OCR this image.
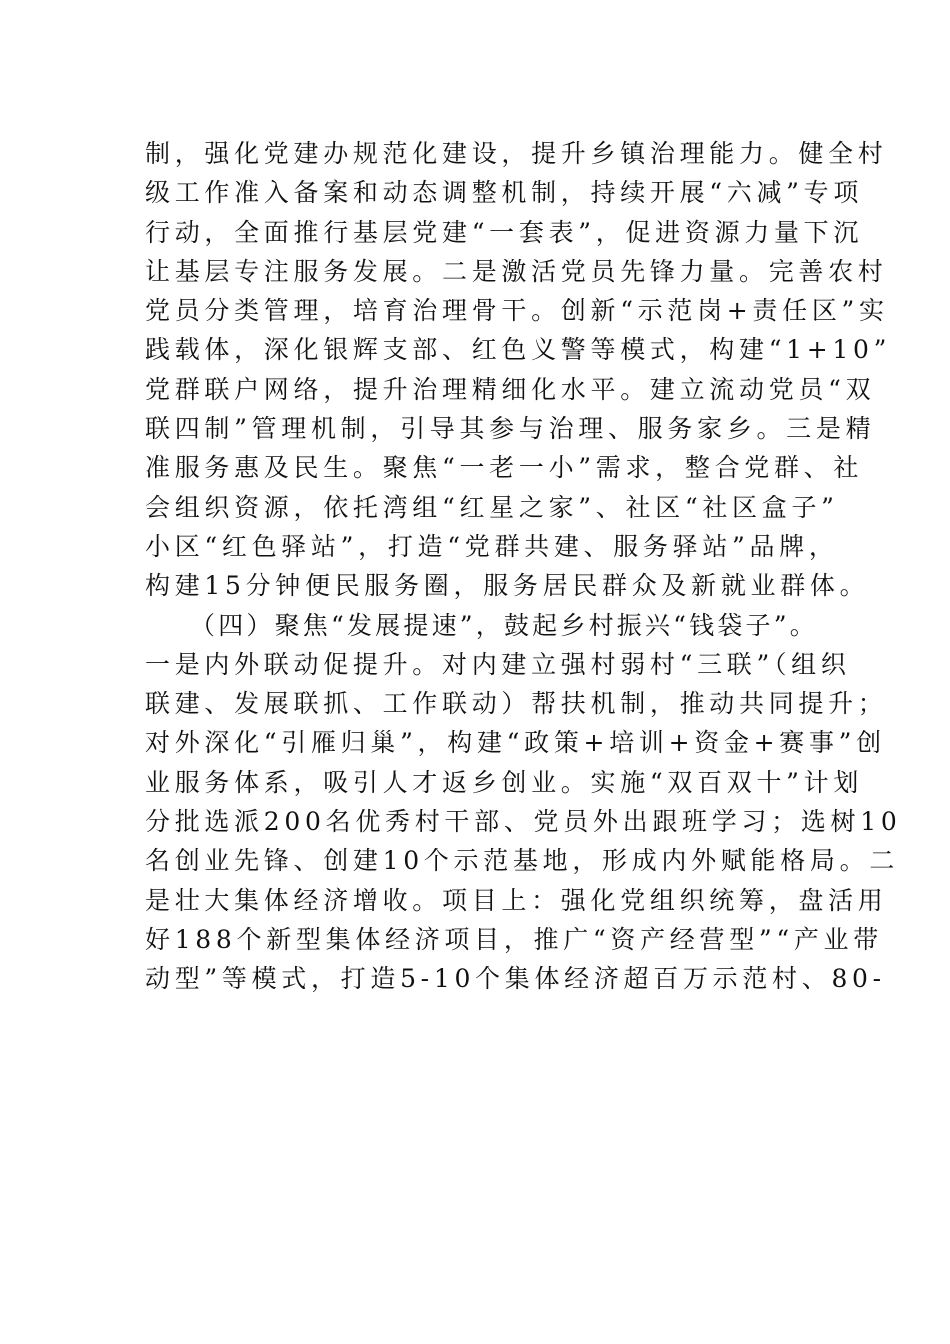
制，强化党建办规范化建设，提升乡镇治理能力。健全村
级工作准入备案和动态调整机制，持续开展“六减”专项
行动，全面推行基层党建“一套表”，促进资源力量下沉
让基层专注服务发展。二是激活党员先锋力量。完善农村
党员分类管理，培育治理骨干。创新“示范岗+责任区”实
践载体，深化银辉支部、红色义警等模式，构建“1+10”
党群联户网络，提升治理精细化水平。建立流动党员“双
联四制”管理机制，引导其参与治理、服务家乡。三是精
准服务惠及民生。聚焦“一老一小”需求，整合党群、社
会组织资源，依托湾组“红星之家”、社区“社区盒子”
小区“红色驿站”，打造“党群共建、服务驿站”品牌，
构建15分钟便民服务圈，服务居民群众及新就业群体。
（四）聚焦“发展提速”，鼓起乡村振兴“钱袋子”。
一是内外联动促提升。对内建立强村弱村“三联”（组织
联建、发展联抓、工作联动）帮扶机制，推动共同提升；
对外深化“引雁归巢”，构建“政策+培训+资金+赛事”创
业服务体系，吸引人才返乡创业。实施“双百双十”计划
分批选派200名优秀村干部、党员外出跟班学习；选树10
名创业先锋、创建10个示范基地，形成内外赋能格局。二
是壮大集体经济增收。项目上：强化党组织统筹，盘活用
好188个新型集体经济项目，推广“资产经营型”“产业带
动型”等模式，打造5-10个集体经济超百万示范村、80-
